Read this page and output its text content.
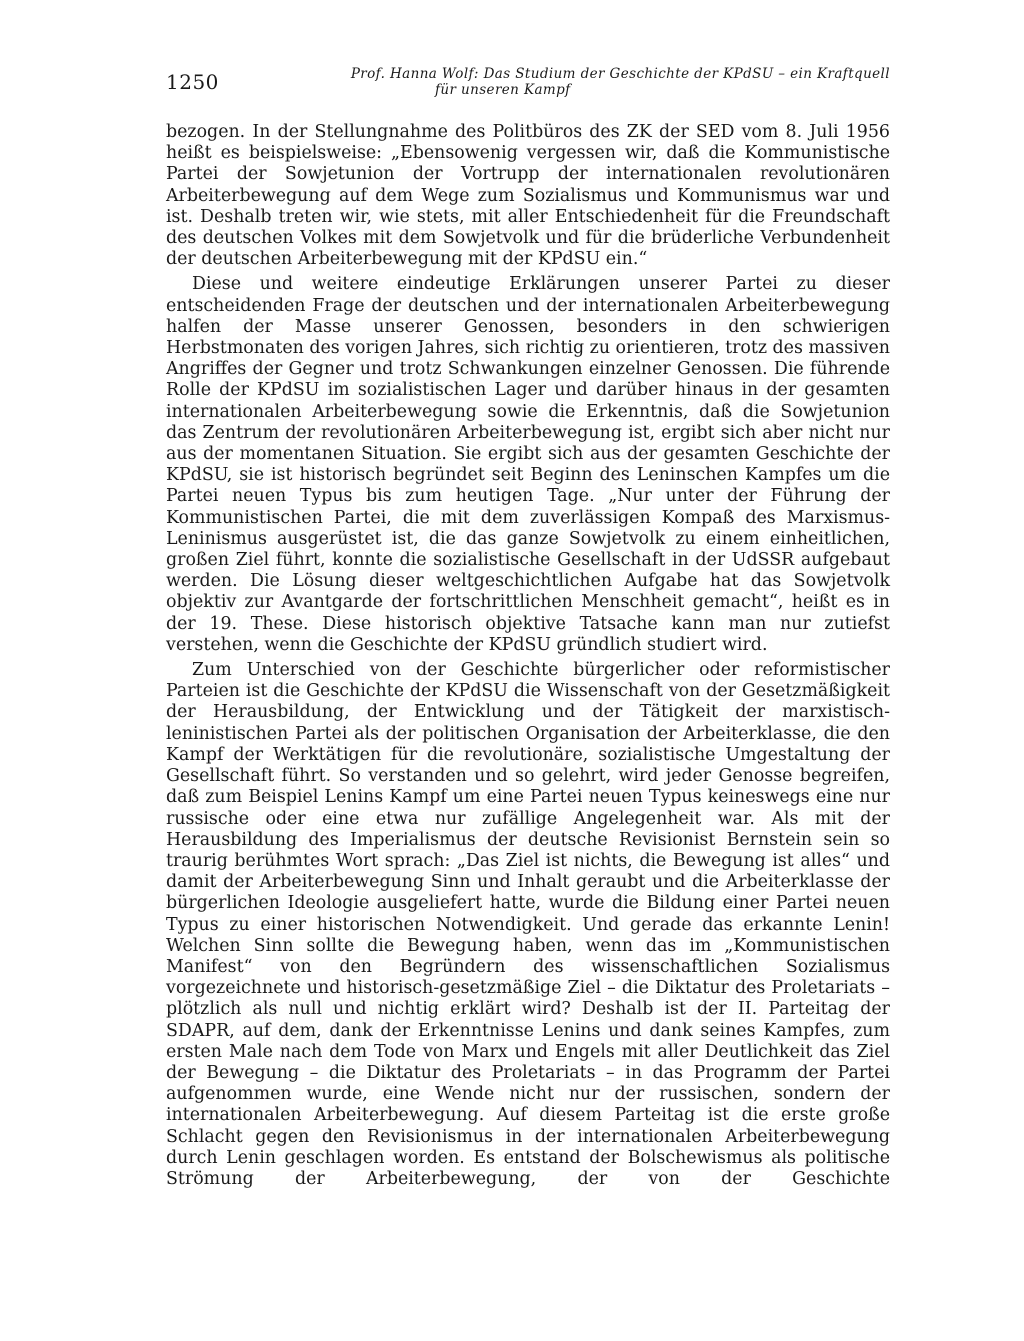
1250	Prof. Hanna Wolf: Das Studium der Geschichte der KPdSU – ein Kraftquell
für unseren Kampf

bezogen. In der Stellungnahme des Politbüros des ZK der SED vom 8. Juli 1956 heißt es beispielsweise: „Ebensowenig vergessen wir, daß die Kommunistische Partei der Sowjetunion der Vortrupp der internationalen revolutionären Arbeiterbewegung auf dem Wege zum Sozialismus und Kommunismus war und ist. Deshalb treten wir, wie stets, mit aller Entschiedenheit für die Freundschaft des deutschen Volkes mit dem Sowjetvolk und für die brüderliche Verbundenheit der deutschen Arbeiterbewegung mit der KPdSU ein.“

Diese und weitere eindeutige Erklärungen unserer Partei zu dieser entscheidenden Frage der deutschen und der internationalen Arbeiterbewegung halfen der Masse unserer Genossen, besonders in den schwierigen Herbstmonaten des vorigen Jahres, sich richtig zu orientieren, trotz des massiven Angriffes der Gegner und trotz Schwankungen einzelner Genossen. Die führende Rolle der KPdSU im sozialistischen Lager und darüber hinaus in der gesamten internationalen Arbeiterbewegung sowie die Erkenntnis, daß die Sowjetunion das Zentrum der revolutionären Arbeiterbewegung ist, ergibt sich aber nicht nur aus der momentanen Situation. Sie ergibt sich aus der gesamten Geschichte der KPdSU, sie ist historisch begründet seit Beginn des Leninschen Kampfes um die Partei neuen Typus bis zum heutigen Tage. „Nur unter der Führung der Kommunistischen Partei, die mit dem zuverlässigen Kompaß des Marxismus-Leninismus ausgerüstet ist, die das ganze Sowjetvolk zu einem einheitlichen, großen Ziel führt, konnte die sozialistische Gesellschaft in der UdSSR aufgebaut werden. Die Lösung dieser weltgeschichtlichen Aufgabe hat das Sowjetvolk objektiv zur Avantgarde der fortschrittlichen Menschheit gemacht“, heißt es in der 19. These. Diese historisch objektive Tatsache kann man nur zutiefst verstehen, wenn die Geschichte der KPdSU gründlich studiert wird.

Zum Unterschied von der Geschichte bürgerlicher oder reformistischer Parteien ist die Geschichte der KPdSU die Wissenschaft von der Gesetzmäßigkeit der Herausbildung, der Entwicklung und der Tätigkeit der marxistisch-leninistischen Partei als der politischen Organisation der Arbeiterklasse, die den Kampf der Werktätigen für die revolutionäre, sozialistische Umgestaltung der Gesellschaft führt. So verstanden und so gelehrt, wird jeder Genosse begreifen, daß zum Beispiel Lenins Kampf um eine Partei neuen Typus keineswegs eine nur russische oder eine etwa nur zufällige Angelegenheit war. Als mit der Herausbildung des Imperialismus der deutsche Revisionist Bernstein sein so traurig berühmtes Wort sprach: „Das Ziel ist nichts, die Bewegung ist alles“ und damit der Arbeiterbewegung Sinn und Inhalt geraubt und die Arbeiterklasse der bürgerlichen Ideologie ausgeliefert hatte, wurde die Bildung einer Partei neuen Typus zu einer historischen Notwendigkeit. Und gerade das erkannte Lenin! Welchen Sinn sollte die Bewegung haben, wenn das im „Kommunistischen Manifest“ von den Begründern des wissenschaftlichen Sozialismus vorgezeichnete und historisch-gesetzmäßige Ziel – die Diktatur des Proletariats – plötzlich als null und nichtig erklärt wird? Deshalb ist der II. Parteitag der SDAPR, auf dem, dank der Erkenntnisse Lenins und dank seines Kampfes, zum ersten Male nach dem Tode von Marx und Engels mit aller Deutlichkeit das Ziel der Bewegung – die Diktatur des Proletariats – in das Programm der Partei aufgenommen wurde, eine Wende nicht nur der russischen, sondern der internationalen Arbeiterbewegung. Auf diesem Parteitag ist die erste große Schlacht gegen den Revisionismus in der internationalen Arbeiterbewegung durch Lenin geschlagen worden. Es entstand der Bolschewismus als politische Strömung der Arbeiterbewegung, der von der Geschichte
